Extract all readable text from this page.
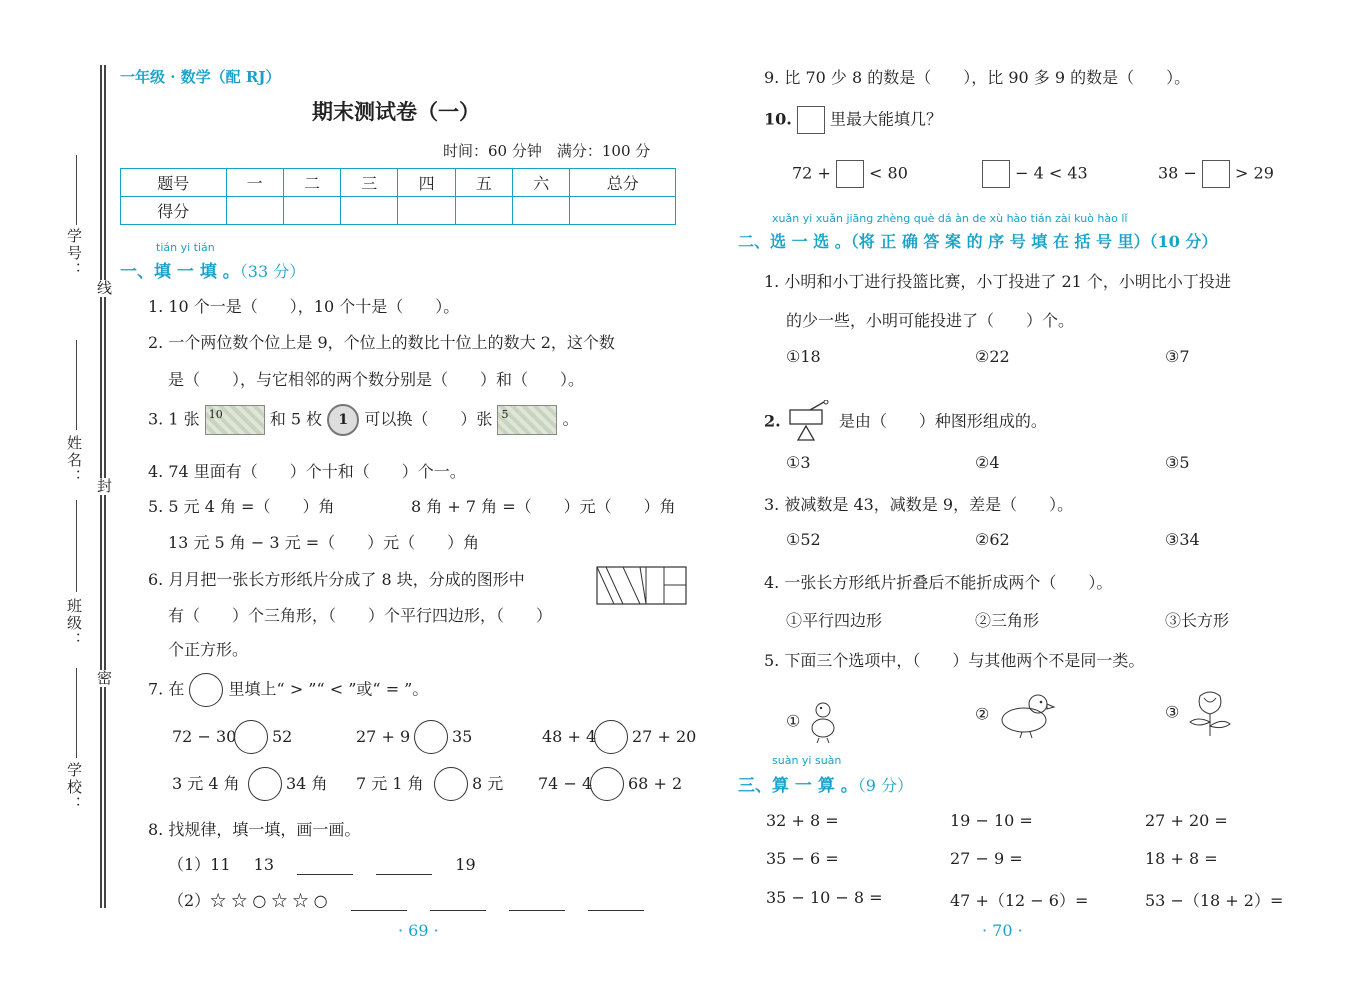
学号：
姓名：
班级：
学校：
线
封
密
一年级 · 数学（配 RJ）
期末测试卷（一）
时间：60 分钟　满分：100 分
题号	一	二	三	四	五	六	总分
得分							
tián yi tián
一、填 一 填 。（33 分）
1. 10 个一是（　　），10 个十是（　　）。
2. 一个两位数个位上是 9，个位上的数比十位上的数大 2，这个数
是（　　），与它相邻的两个数分别是（　　）和（　　）。
3. 1 张 10	和 5 枚 1 可以换（　　）张 5	。
4. 74 里面有（　　）个十和（　　）个一。
5. 5 元 4 角 =（　　）角	8 角 + 7 角 =（　　）元（　　）角
13 元 5 角 − 3 元 =（　　）元（　　）角
6. 月月把一张长方形纸片分成了 8 块，分成的图形中
有（　　）个三角形，（　　）个平行四边形，（　　）
个正方形。
7. 在	里填上“ > ”“ < ”或“ = ”。
72 − 30 52	27 + 9	35	48 + 4 27 + 20
3 元 4 角	34 角 7 元 1 角	8 元 74 − 4 68 + 2
8. 找规律，填一填，画一画。
（1）11 13	19
（2）☆ ☆ ○ ☆ ☆ ○
· 69 ·
9. 比 70 少 8 的数是（　　），比 90 多 9 的数是（　　）。
10. 里最大能填几？
72 + < 80	− 4 < 43	38 − > 29
xuǎn yi xuǎn jiāng zhèng què dá àn de xù hào tián zài kuò hào lǐ
二、选 一 选 。（将 正 确 答 案 的 序 号 填 在 括 号 里）（10 分）
1. 小明和小丁进行投篮比赛，小丁投进了 21 个，小明比小丁投进
的少一些，小明可能投进了（　　）个。
①18	②22	③7
2.	是由（　　）种图形组成的。
①3	②4	③5
3. 被减数是 43，减数是 9，差是（　　）。
①52	②62	③34
4. 一张长方形纸片折叠后不能折成两个（　　）。
①平行四边形	②三角形	③长方形
5. 下面三个选项中，（　　）与其他两个不是同一类。
①	②	③
suàn yi suàn
三、算 一 算 。（9 分）
32 + 8 =	19 − 10 =	27 + 20 =
35 − 6 =	27 − 9 =	18 + 8 =
35 − 10 − 8 =	47 +（12 − 6）=	53 −（18 + 2）=
· 70 ·
